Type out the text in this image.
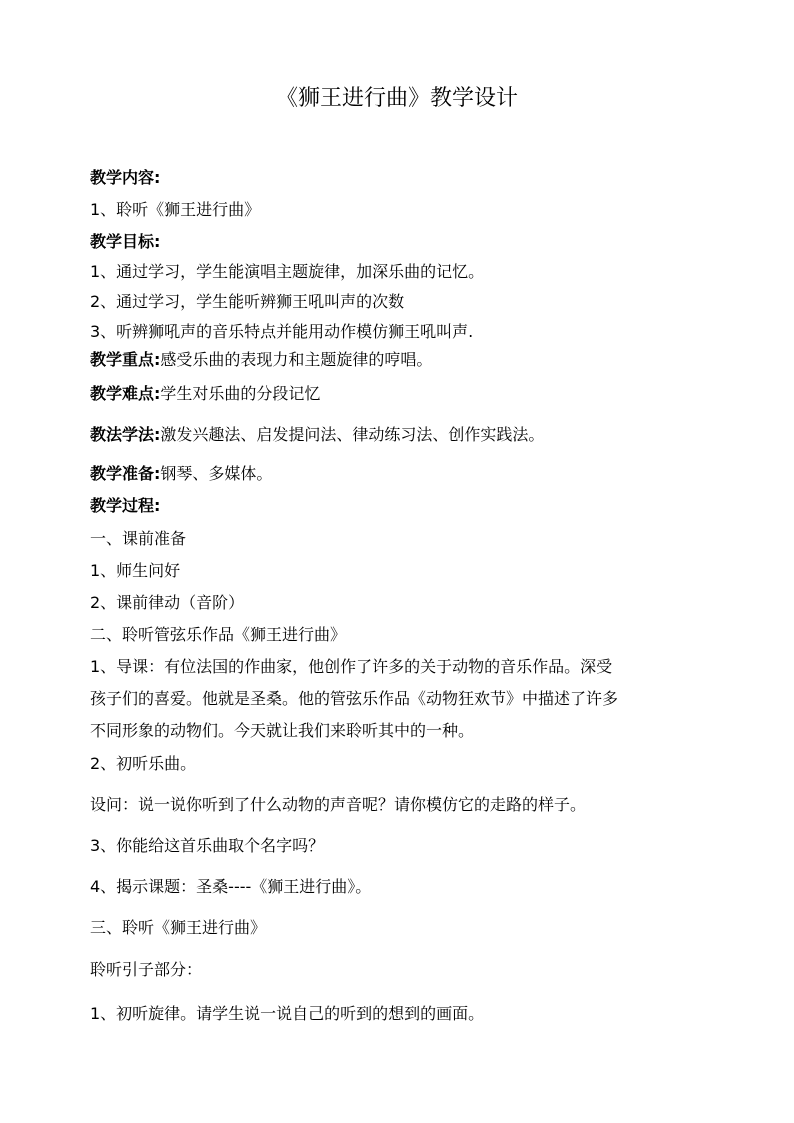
《狮王进行曲》教学设计
教学内容:
1、聆听《狮王进行曲》
教学目标:
1、通过学习，学生能演唱主题旋律，加深乐曲的记忆。
2、通过学习，学生能听辨狮王吼叫声的次数
3、听辨狮吼声的音乐特点并能用动作模仿狮王吼叫声.
教学重点:感受乐曲的表现力和主题旋律的哼唱。
教学难点:学生对乐曲的分段记忆
教法学法:激发兴趣法、启发提问法、律动练习法、创作实践法。
教学准备:钢琴、多媒体。
教学过程:
一、课前准备
1、师生问好
2、课前律动（音阶）
二、聆听管弦乐作品《狮王进行曲》
1、导课：有位法国的作曲家，他创作了许多的关于动物的音乐作品。深受
孩子们的喜爱。他就是圣桑。他的管弦乐作品《动物狂欢节》中描述了许多
不同形象的动物们。今天就让我们来聆听其中的一种。
2、初听乐曲。
设问：说一说你听到了什么动物的声音呢？请你模仿它的走路的样子。
3、你能给这首乐曲取个名字吗？
4、揭示课题：圣桑----《狮王进行曲》。
三、聆听《狮王进行曲》
聆听引子部分：
1、初听旋律。请学生说一说自己的听到的想到的画面。
